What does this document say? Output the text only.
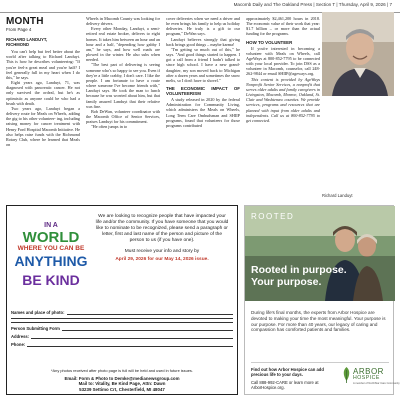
Macomb Daily and The Oakland Press | Section T | Thursday, April 9, 2026 | 7
MONTH
From Page 4
RICHARD LANDUYT,
RICHMOND

You can't help but feel better about the world after talking to Richard Landuyt. This is how he describes volunteering: "If you're feel-a great meal and you're half? I feel generally full in my heart when I do this," he says.

Eight years ago, Landuyt, 71, was diagnosed with pancreatic cancer. He not only survived the ordeal, but he's as optimistic as anyone could be who had a brush with death.

Two years ago, Landuyt began a delivery route for Meals on Wheels, adding the gig to his other volunteer- ing, including raising money for cancer treatment with Henry Ford Hospital Macomb Initiative. He also helps raise funds with the Richmond Rotary Club, where he learned that Meals on

Wheels in Macomb County was looking for delivery drivers.

Every other Monday, Landuyt, a semi-retired real estate broker, delivers to eight homes. It takes him between an hour and an hour and a half, "depending how gabby I am," he says, and how well roads are plowed in the winter. He also subs when needed.

"The best part of delivering is seeing someone who's so happy to see you. Even if they're a little crabby, I don't care. I like the people. I am fortunate to have a route where someone I've become friends with," Landuyt says. He took the man to lunch because he was worried about him, but that family assured Landuyt that their relative was fine.

Bob DeWan, volunteer coordinator with the Macomb Office of Senior Services, praises Landuyt for his commitment.

"He often jumps in to

cover deliveries when we need a driver and he even brings his family to help us holiday deliveries. He truly is a gift to our program," DeWan says.

Landuyt believes strongly that giving back brings good things – maybe karma!

"I'm getting so much out of this," he says. "And good things started to happen. I got a call from a friend I hadn't talked to since high school. I have a new grand-daughter, my son moved back to Michigan after a dozen years and sometimes the snow melts, so I don't have to shovel."

THE ECONOMIC IMPACT OF VOLUNTEERISM

A study released in 2020 by the federal Administration for Community Living, which administers the Meals on Wheels, Long Term Care Ombudsman and SHIIP programs, found that volunteers for those programs contributed

approximately $2,461,200 hours in 2018. The economic value of their work that year: $1.7 billion – or more than the actual funding for the programs.

HOW TO VOLUNTEER

If you're interested in becoming a volunteer with Meals on Wheels, call AgeWays at 800-852-7795 to be connected with your local provider. To join DSS as a volunteer in Macomb, counselor, call 248-262-9844 or email SHIIP@ageways.org.

This content is provided by AgeWays Nonprofit Senior Services, a nonprofit that serves older adults and family caregivers in Livingston, Macomb, Monroe, Oakland, St. Clair and Washtenaw counties. We provide services, programs and resources that are planned with input from older adults and independents. Call us at 800-852-7795 to get connected.

Richard Landuyt
IN A
WORLD
WHERE YOU CAN BE
ANYTHING
BE KIND
We are looking to recognize people that have impacted your life and/or the community. If you have someone that you would like to nominate to be recognized, please send a paragraph or letter, first and last name of the person and picture of the person to us (if you have one).
Must receive your info and story by
April 29, 2026 for our May 14, 2026 issue.
Names and place of photo:
Person Submitting Form
Address:
Phone:
*Any photos received after photo page is full will be held and used in future issues.
Email: Form & Photo to Demke@medianewsgroup.com
Mail to: Vitality, Be Kind Page, Attn: Dawn
53239 Settimo Crt, Chesterfield, MI 48047
ROOTED
Rooted in purpose.
Your purpose.
During life's final months, the experts from Arbor Hospice are devoted to making your time the most meaningful. Your purpose is our purpose. For more than 40 years, our legacy of caring and compassion has comforted patients and families.
Find out how Arbor Hospice can add precious life to your days.
Call 888-992-CARE or learn more at ArborHospice.org.
ARBOR
HOSPICE
A member of NorthStar Care Community
